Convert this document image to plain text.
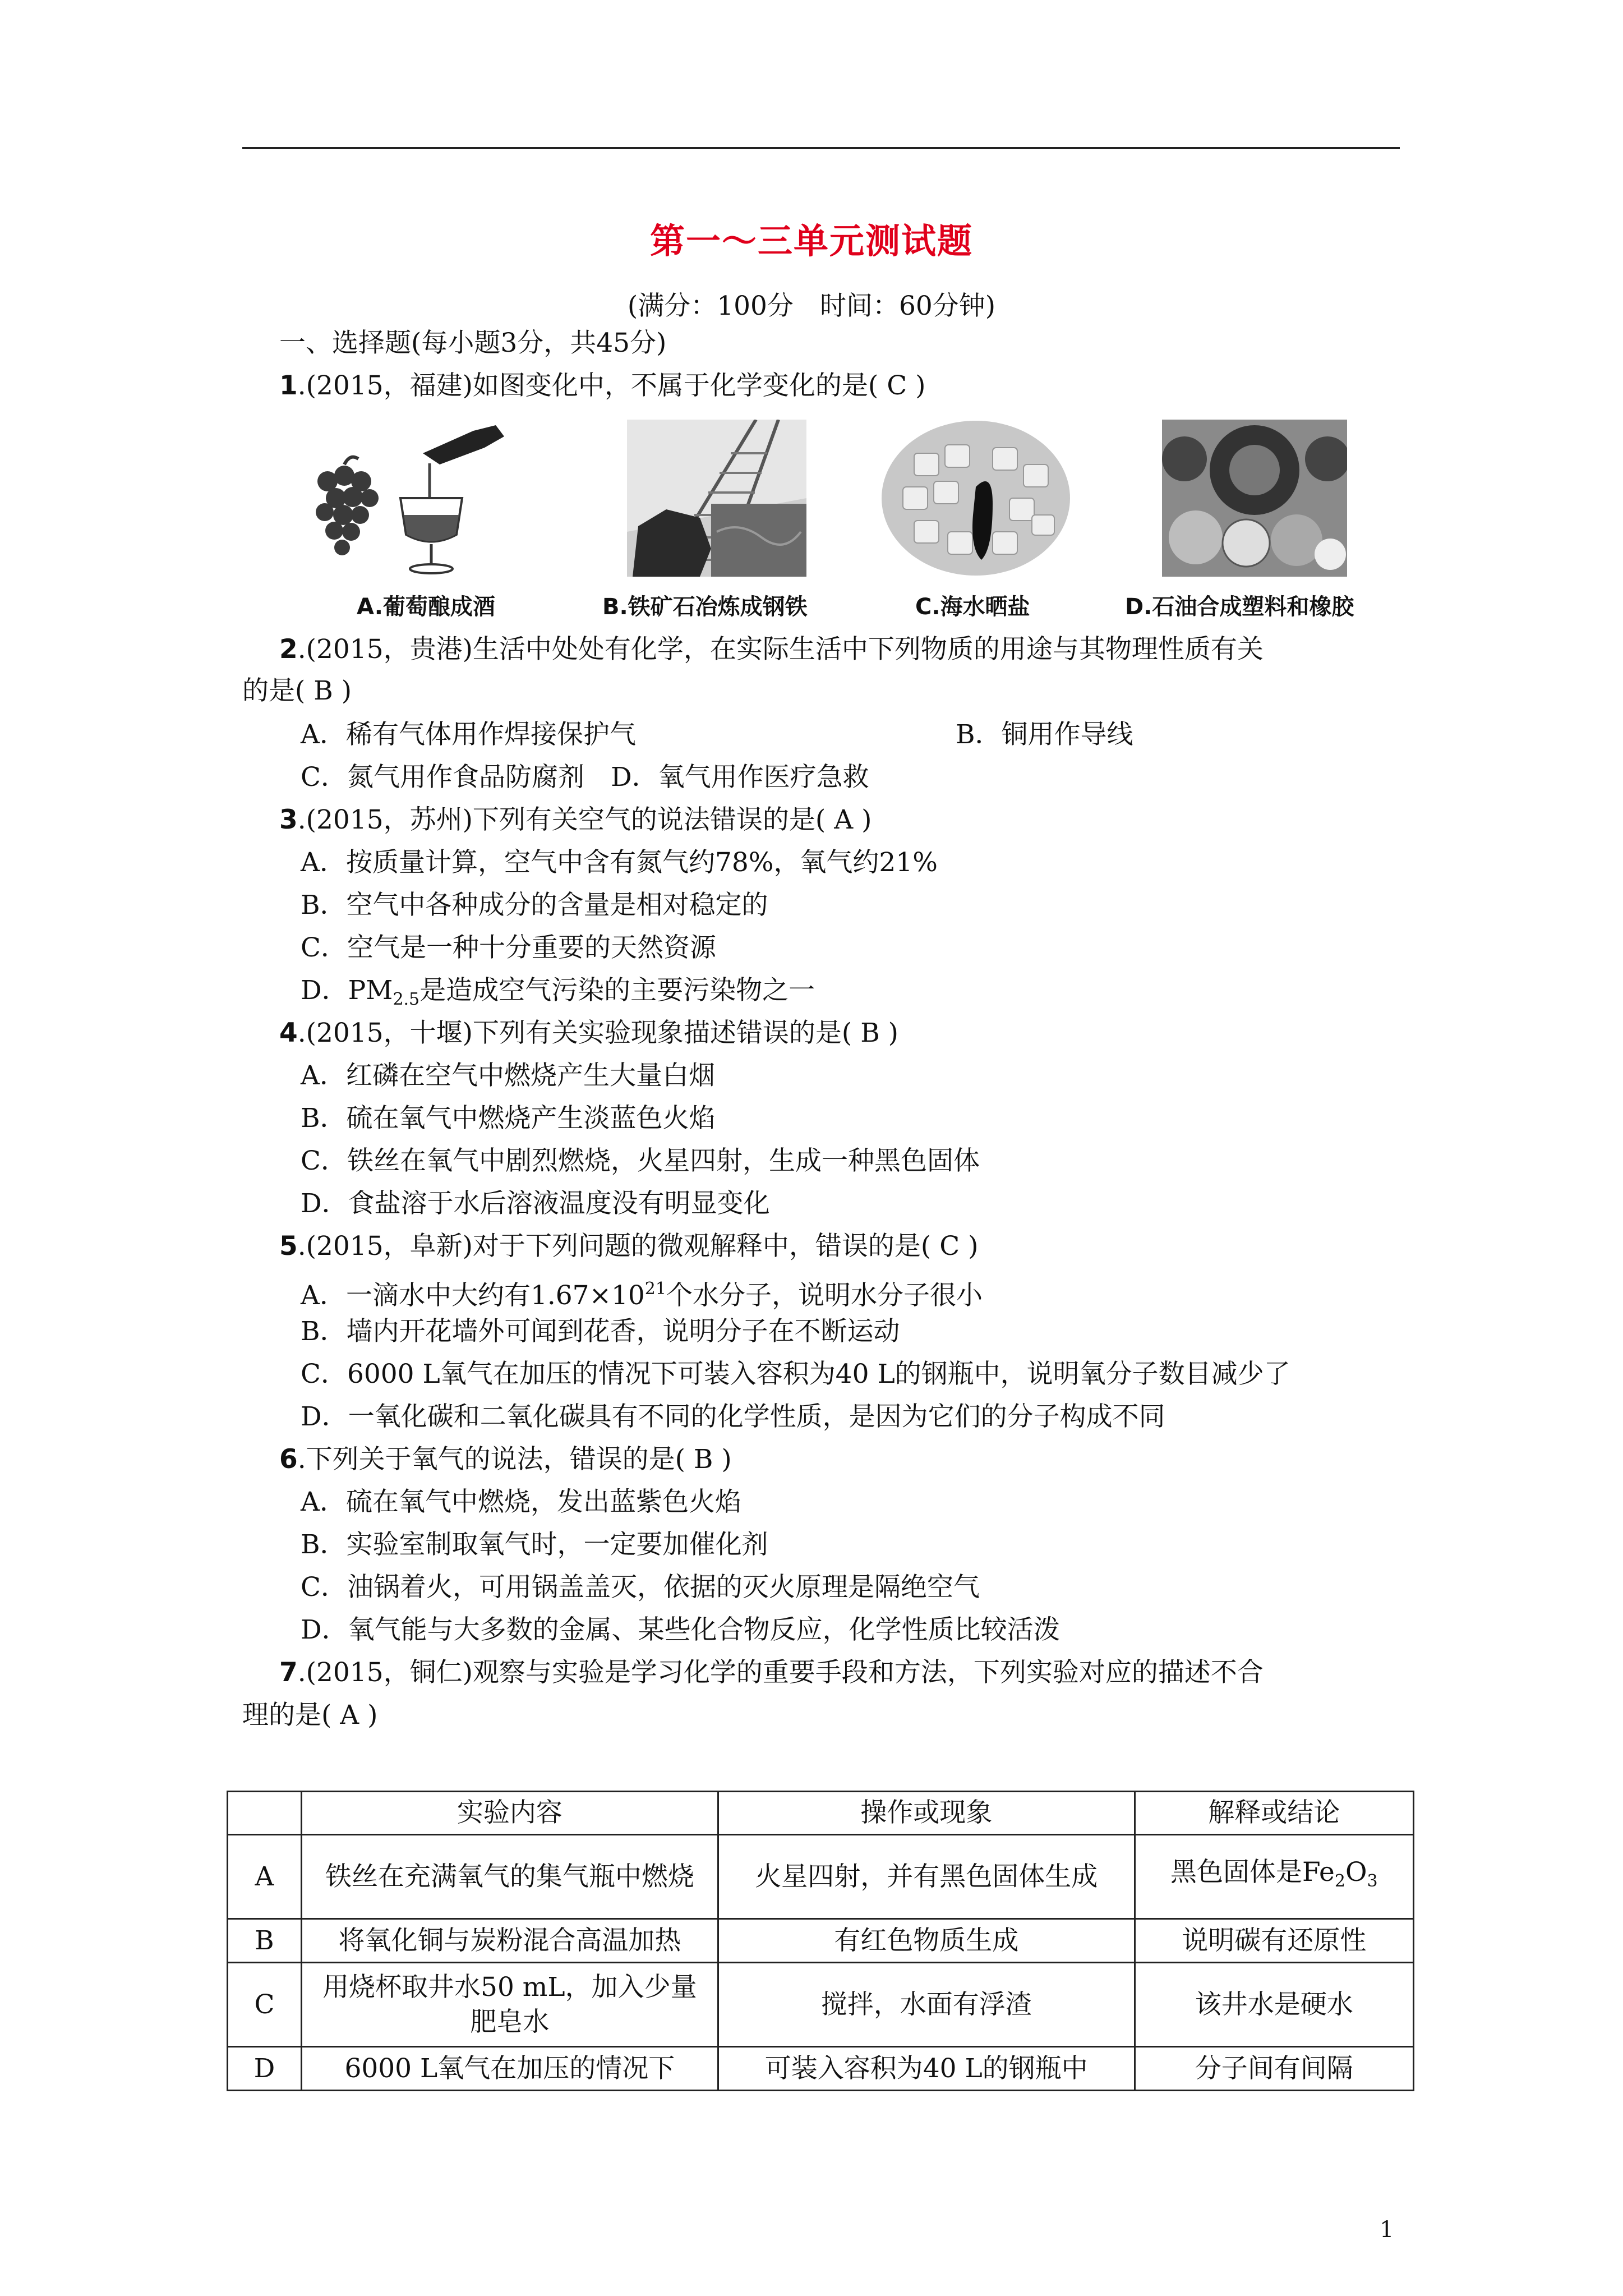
第一～三单元测试题
(满分：100分　时间：60分钟)
一、选择题(每小题3分，共45分)
1.(2015，福建)如图变化中，不属于化学变化的是( C )
A.葡萄酿成酒	B.铁矿石冶炼成钢铁	C.海水晒盐	D.石油合成塑料和橡胶
2.(2015，贵港)生活中处处有化学，在实际生活中下列物质的用途与其物理性质有关
的是( B )
A．稀有气体用作焊接保护气	B．铜用作导线
C．氮气用作食品防腐剂　D．氧气用作医疗急救
3.(2015，苏州)下列有关空气的说法错误的是( A )
A．按质量计算，空气中含有氮气约78%，氧气约21%
B．空气中各种成分的含量是相对稳定的
C．空气是一种十分重要的天然资源
D．$PM_{2.5}$是造成空气污染的主要污染物之一
4.(2015，十堰)下列有关实验现象描述错误的是( B )
A．红磷在空气中燃烧产生大量白烟
B．硫在氧气中燃烧产生淡蓝色火焰
C．铁丝在氧气中剧烈燃烧，火星四射，生成一种黑色固体
D．食盐溶于水后溶液温度没有明显变化
5.(2015，阜新)对于下列问题的微观解释中，错误的是( C )
A．一滴水中大约有$1.67\times 10^{21}$个水分子，说明水分子很小
B．墙内开花墙外可闻到花香，说明分子在不断运动
C．6000 L氧气在加压的情况下可装入容积为40 L的钢瓶中，说明氧分子数目减少了
D．一氧化碳和二氧化碳具有不同的化学性质，是因为它们的分子构成不同
6.下列关于氧气的说法，错误的是( B )
A．硫在氧气中燃烧，发出蓝紫色火焰
B．实验室制取氧气时，一定要加催化剂
C．油锅着火，可用锅盖盖灭，依据的灭火原理是隔绝空气
D．氧气能与大多数的金属、某些化合物反应，化学性质比较活泼
7.(2015，铜仁)观察与实验是学习化学的重要手段和方法，下列实验对应的描述不合
理的是( A )
	实验内容	操作或现象	解释或结论
A	铁丝在充满氧气的集气瓶中燃烧	火星四射，并有黑色固体生成	黑色固体是$Fe_2O_3$
B	将氧化铜与炭粉混合高温加热	有红色物质生成	说明碳有还原性
C	用烧杯取井水50 mL，加入少量肥皂水	搅拌，水面有浮渣	该井水是硬水
D	6000 L氧气在加压的情况下	可装入容积为40 L的钢瓶中	分子间有间隔
1
